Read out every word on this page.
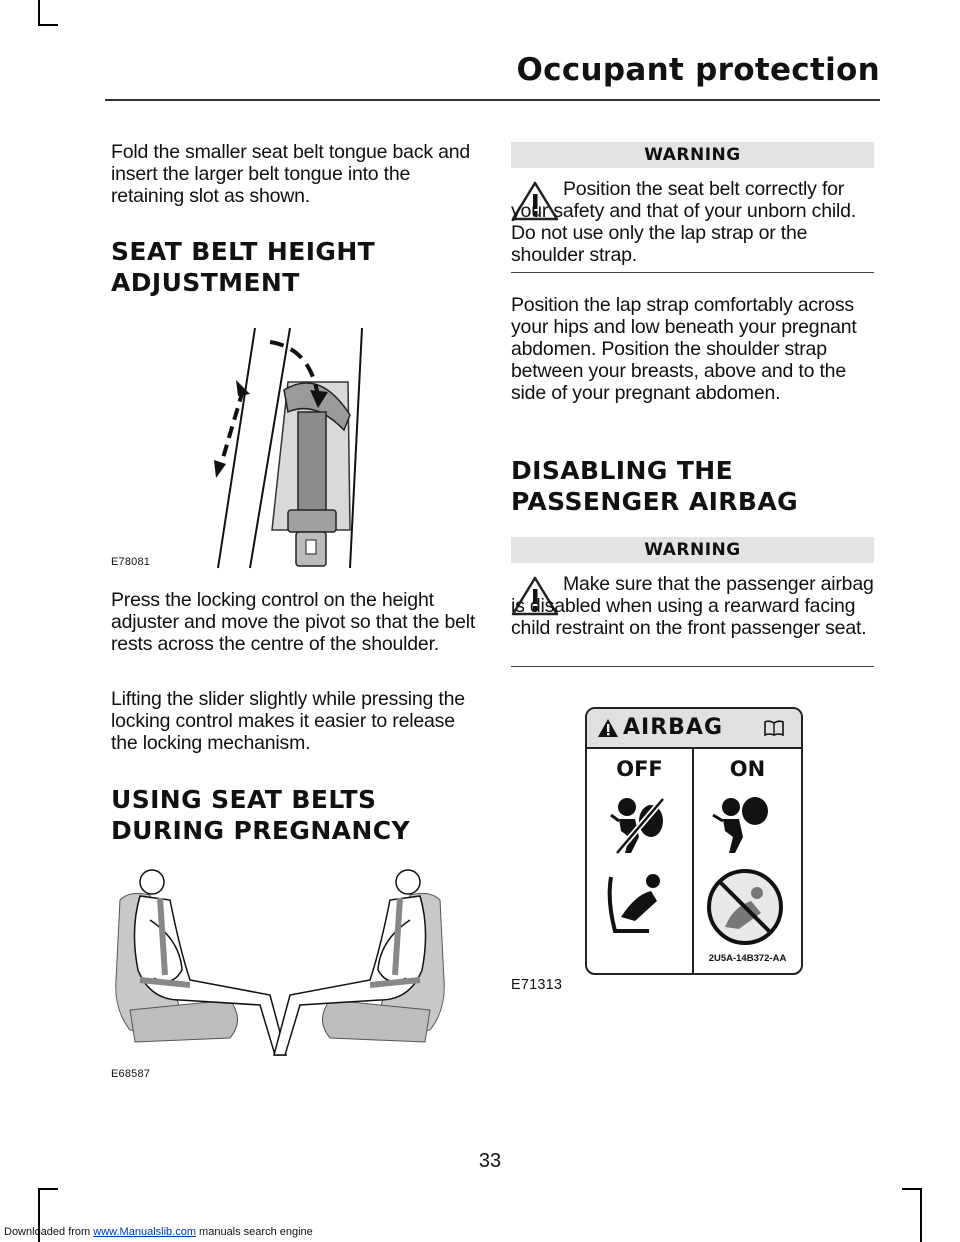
Occupant protection

Fold the smaller seat belt tongue back and insert the larger belt tongue into the retaining slot as shown.

SEAT BELT HEIGHT
ADJUSTMENT
E78081

Press the locking control on the height adjuster and move the pivot so that the belt rests across the centre of the shoulder.

Lifting the slider slightly while pressing the locking control makes it easier to release the locking mechanism.

USING SEAT BELTS
DURING PREGNANCY
E68587
WARNING

Position the seat belt correctly for your safety and that of your unborn child. Do not use only the lap strap or the shoulder strap.

Position the lap strap comfortably across your hips and low beneath your pregnant abdomen. Position the shoulder strap between your breasts, above and to the side of your pregnant abdomen.

DISABLING THE
PASSENGER AIRBAG
WARNING

Make sure that the passenger airbag is disabled when using a rearward facing child restraint on the front passenger seat.

AIRBAG
OFF	ON
2U5A-14B372-AA
E71313
33
Downloaded from www.Manualslib.com manuals search engine
